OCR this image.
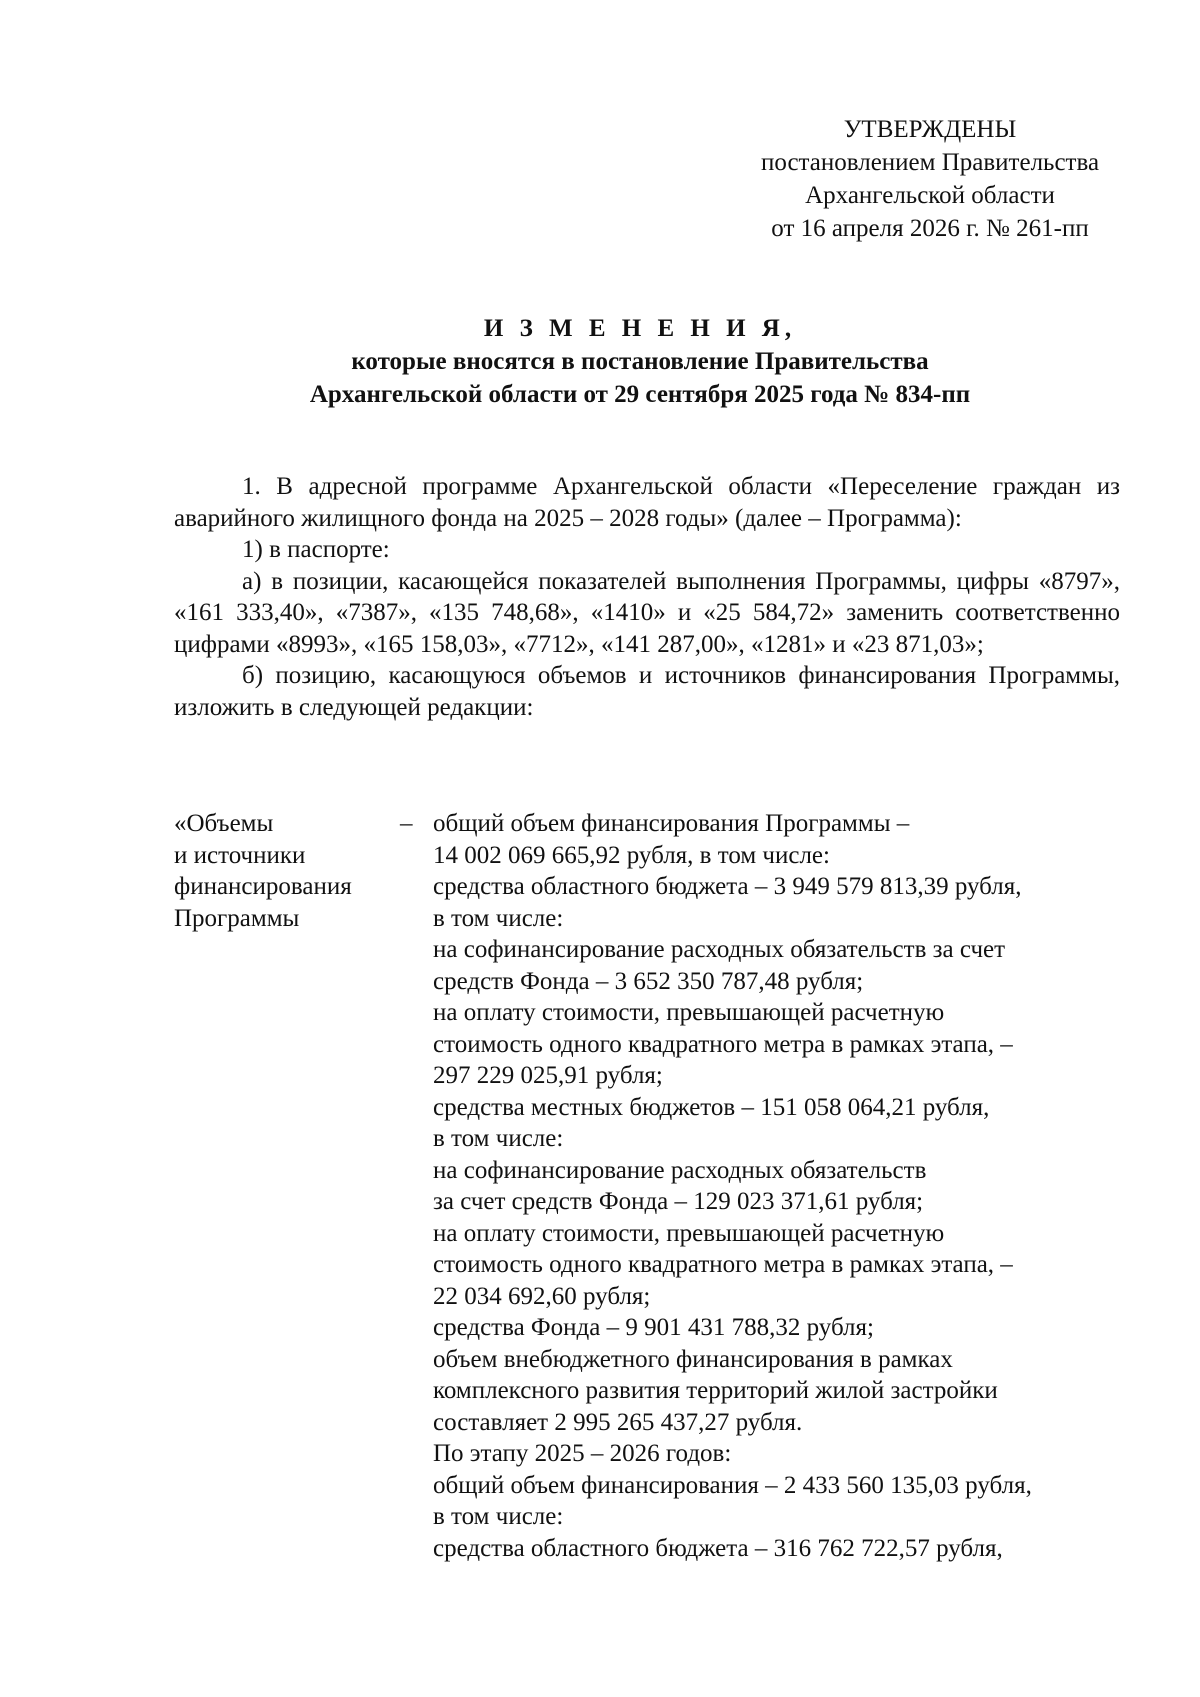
УТВЕРЖДЕНЫ
постановлением Правительства
Архангельской области
от 16 апреля 2026 г. № 261-пп
И З М Е Н Е Н И Я,
которые вносятся в постановление Правительства
Архангельской области от 29 сентября 2025 года № 834-пп

1. В адресной программе Архангельской области «Переселение граждан из аварийного жилищного фонда на 2025 – 2028 годы» (далее – Программа):

1) в паспорте:

а) в позиции, касающейся показателей выполнения Программы, цифры «8797», «161 333,40», «7387», «135 748,68», «1410» и «25 584,72» заменить соответственно цифрами «8993», «165 158,03», «7712», «141 287,00», «1281» и «23 871,03»;

б) позицию, касающуюся объемов и источников финансирования Программы, изложить в следующей редакции:

«Объемы
и источники
финансирования
Программы
– общий объем финансирования Программы –
14 002 069 665,92 рубля, в том числе:
средства областного бюджета – 3 949 579 813,39 рубля,
в том числе:
на софинансирование расходных обязательств за счет
средств Фонда – 3 652 350 787,48 рубля;
на оплату стоимости, превышающей расчетную
стоимость одного квадратного метра в рамках этапа, –
297 229 025,91 рубля;
средства местных бюджетов – 151 058 064,21 рубля,
в том числе:
на софинансирование расходных обязательств
за счет средств Фонда – 129 023 371,61 рубля;
на оплату стоимости, превышающей расчетную
стоимость одного квадратного метра в рамках этапа, –
22 034 692,60 рубля;
средства Фонда – 9 901 431 788,32 рубля;
объем внебюджетного финансирования в рамках
комплексного развития территорий жилой застройки
составляет 2 995 265 437,27 рубля.
По этапу 2025 – 2026 годов:
общий объем финансирования – 2 433 560 135,03 рубля,
в том числе:
средства областного бюджета – 316 762 722,57 рубля,
